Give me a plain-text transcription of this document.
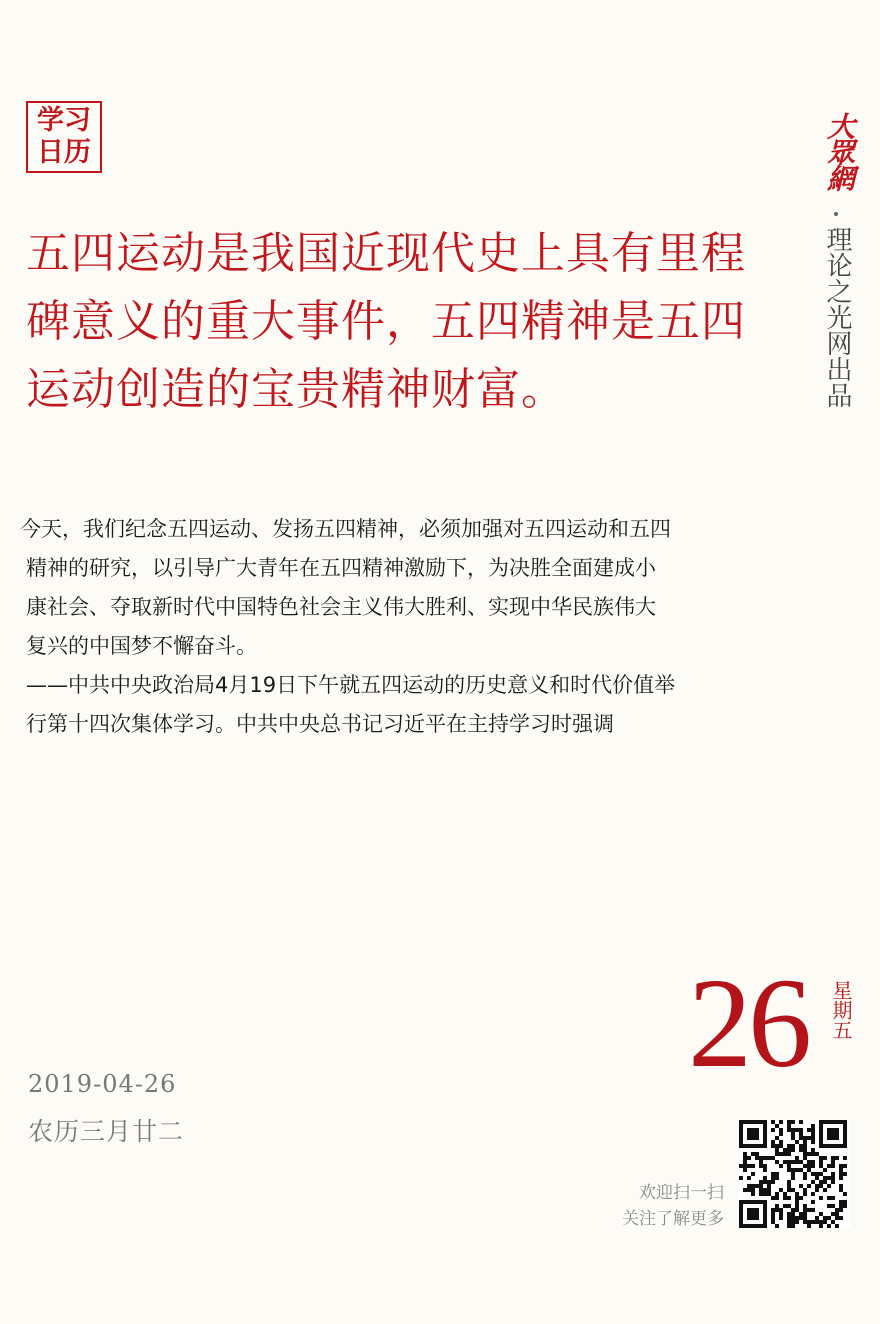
学习
日历	大眾網
理论之光网出品
五四运动是我国近现代史上具有里程碑意义的重大事件，五四精神是五四运动创造的宝贵精神财富。

今天，我们纪念五四运动、发扬五四精神，必须加强对五四运动和五四

精神的研究，以引导广大青年在五四精神激励下，为决胜全面建成小

康社会、夺取新时代中国特色社会主义伟大胜利、实现中华民族伟大

复兴的中国梦不懈奋斗。

——中共中央政治局4月19日下午就五四运动的历史意义和时代价值举

行第十四次集体学习。中共中央总书记习近平在主持学习时强调

2019-04-26
农历三月廿二
26 星期五
欢迎扫一扫
关注了解更多
